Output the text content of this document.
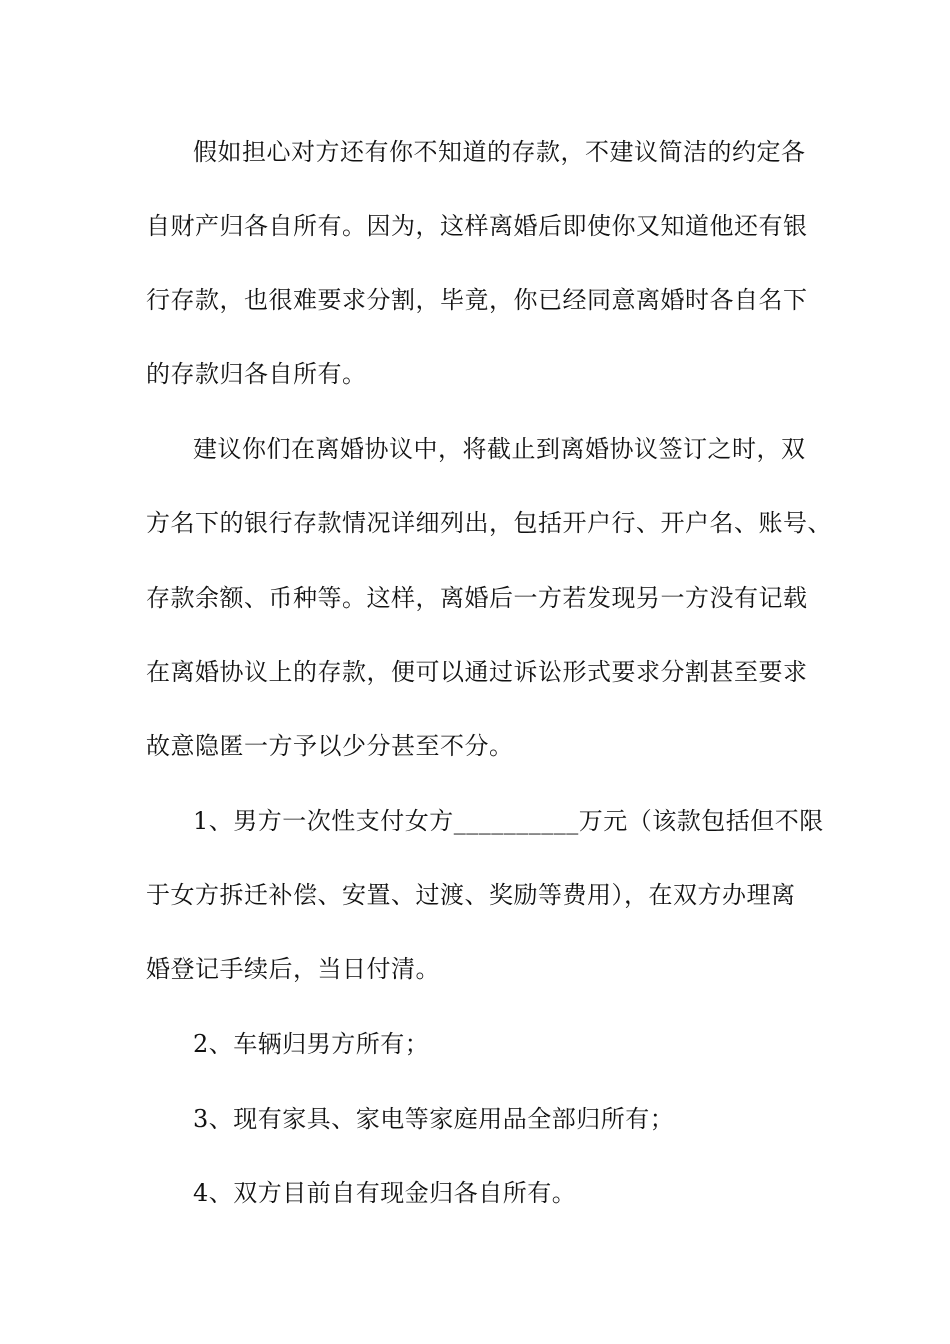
假如担心对方还有你不知道的存款，不建议简洁的约定各
自财产归各自所有。因为，这样离婚后即使你又知道他还有银
行存款，也很难要求分割，毕竟，你已经同意离婚时各自名下
的存款归各自所有。
建议你们在离婚协议中，将截止到离婚协议签订之时，双
方名下的银行存款情况详细列出，包括开户行、开户名、账号、
存款余额、币种等。这样，离婚后一方若发现另一方没有记载
在离婚协议上的存款，便可以通过诉讼形式要求分割甚至要求
故意隐匿一方予以少分甚至不分。
1、男方一次性支付女方__________万元（该款包括但不限
于女方拆迁补偿、安置、过渡、奖励等费用），在双方办理离
婚登记手续后，当日付清。
2、车辆归男方所有；
3、现有家具、家电等家庭用品全部归所有；
4、双方目前自有现金归各自所有。
